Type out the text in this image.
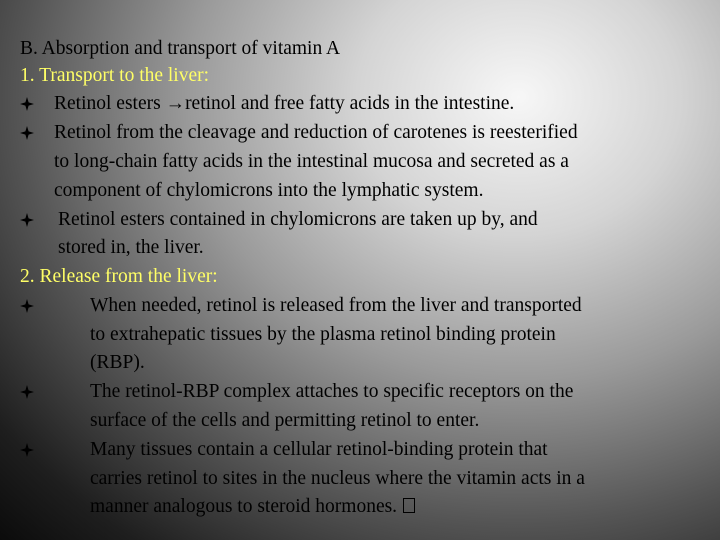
B. Absorption and transport of vitamin A
1. Transport to the liver:
Retinol esters →retinol and free fatty acids in the intestine.
Retinol from the cleavage and reduction of carotenes is reesterified
to long-chain fatty acids in the intestinal mucosa and secreted as a
component of chylomicrons into the lymphatic system.
Retinol esters contained in chylomicrons are taken up by, and
stored in, the liver.
2. Release from the liver:
When needed, retinol is released from the liver and transported
to extrahepatic tissues by the plasma retinol binding protein
(RBP).
The retinol-RBP complex attaches to specific receptors on the
surface of the cells and permitting retinol to enter.
Many tissues contain a cellular retinol-binding protein that
carries retinol to sites in the nucleus where the vitamin acts in a
manner analogous to steroid hormones.
